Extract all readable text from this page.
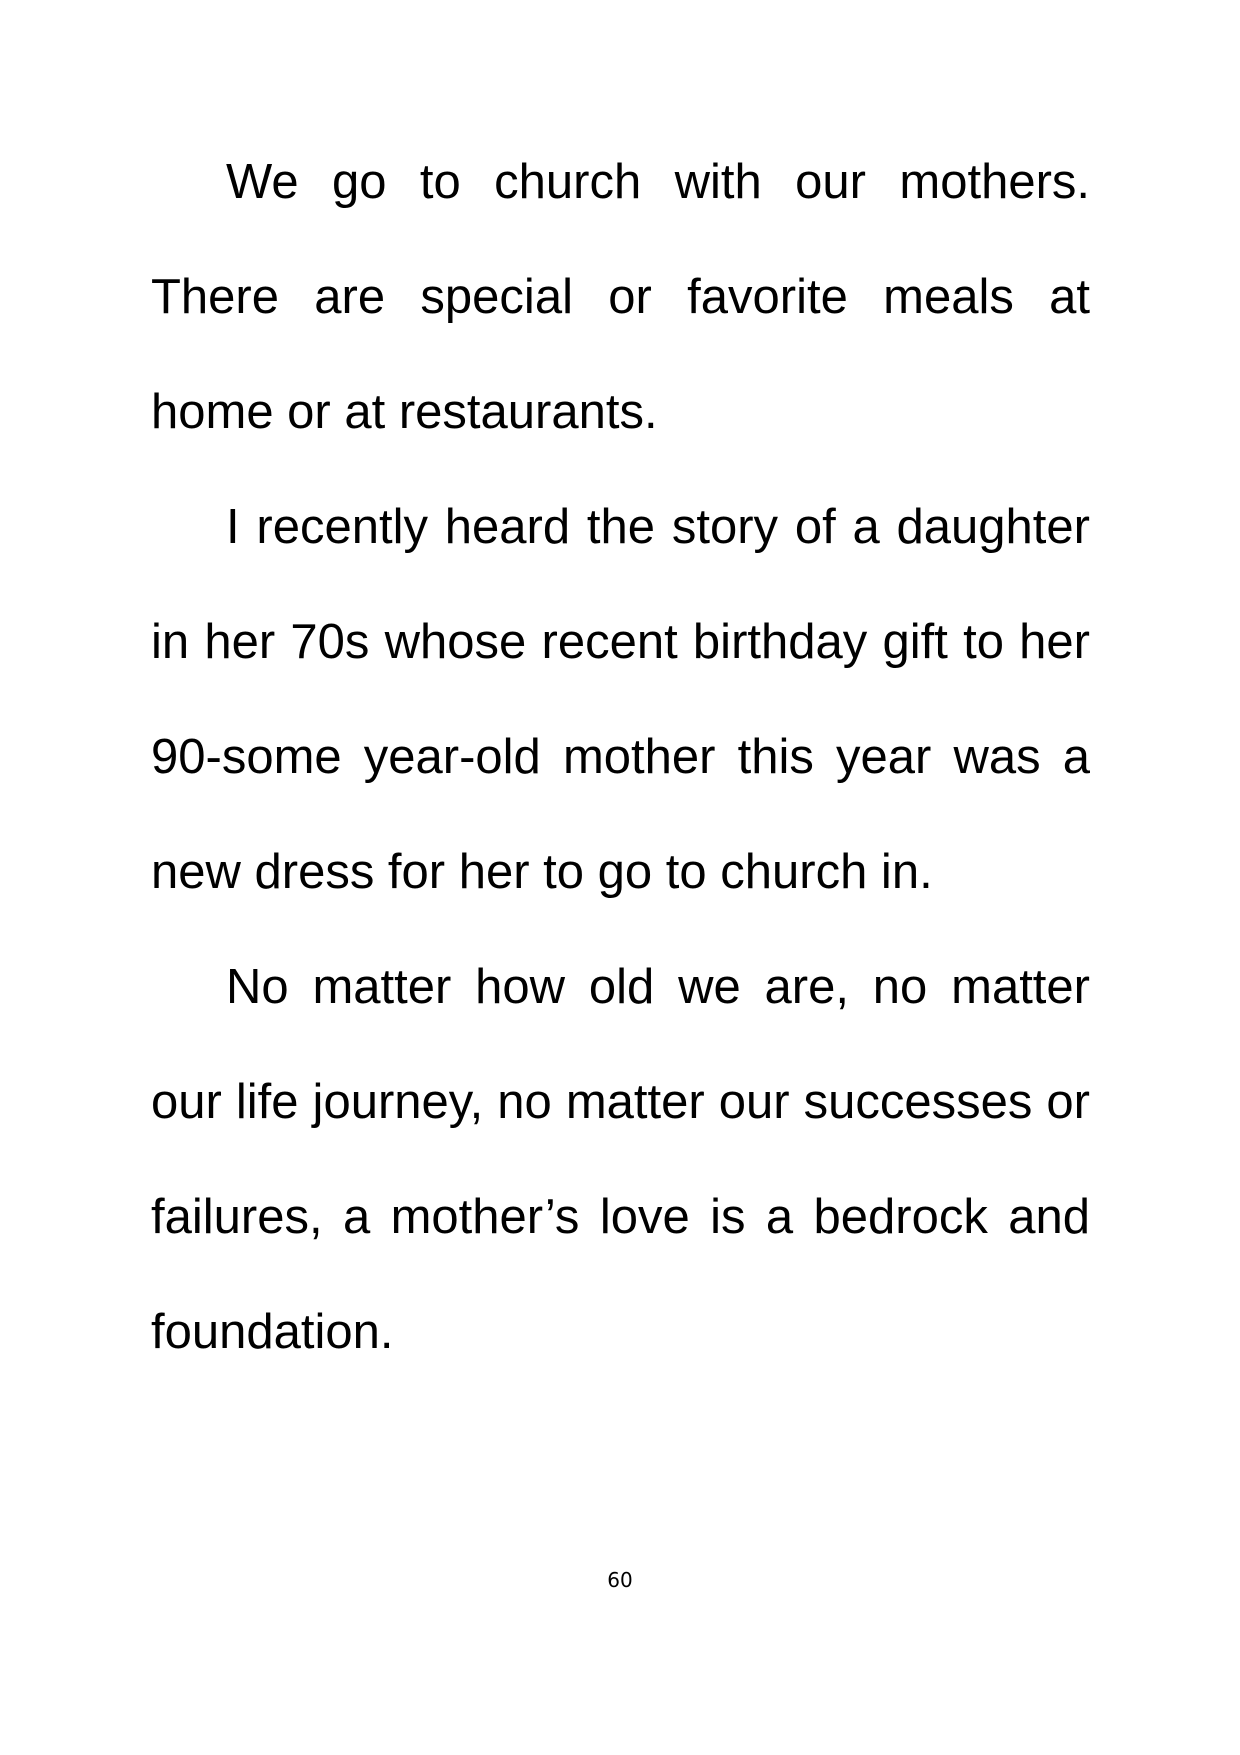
We go to church with our mothers. There are special or favorite meals at home or at restaurants.

I recently heard the story of a daughter in her 70s whose recent birthday gift to her 90-some year-old mother this year was a new dress for her to go to church in.

No matter how old we are, no matter our life journey, no matter our successes or failures, a mother’s love is a bedrock and foundation.

60
